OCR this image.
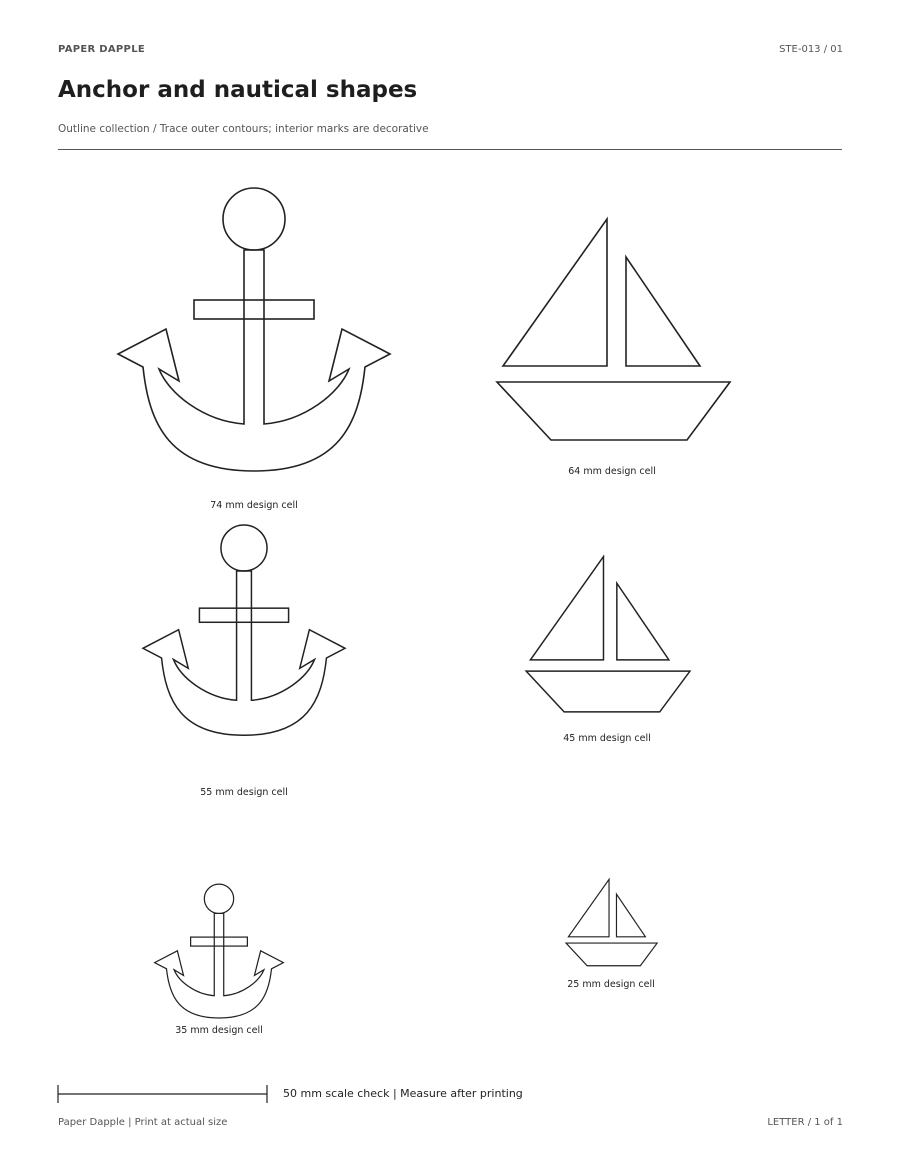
PAPER DAPPLE	STE-013 / 01
Anchor and nautical shapes
Outline collection / Trace outer contours; interior marks are decorative
74 mm design cell
64 mm design cell
55 mm design cell
45 mm design cell
35 mm design cell
25 mm design cell
50 mm scale check | Measure after printing
Paper Dapple | Print at actual size	LETTER / 1 of 1
